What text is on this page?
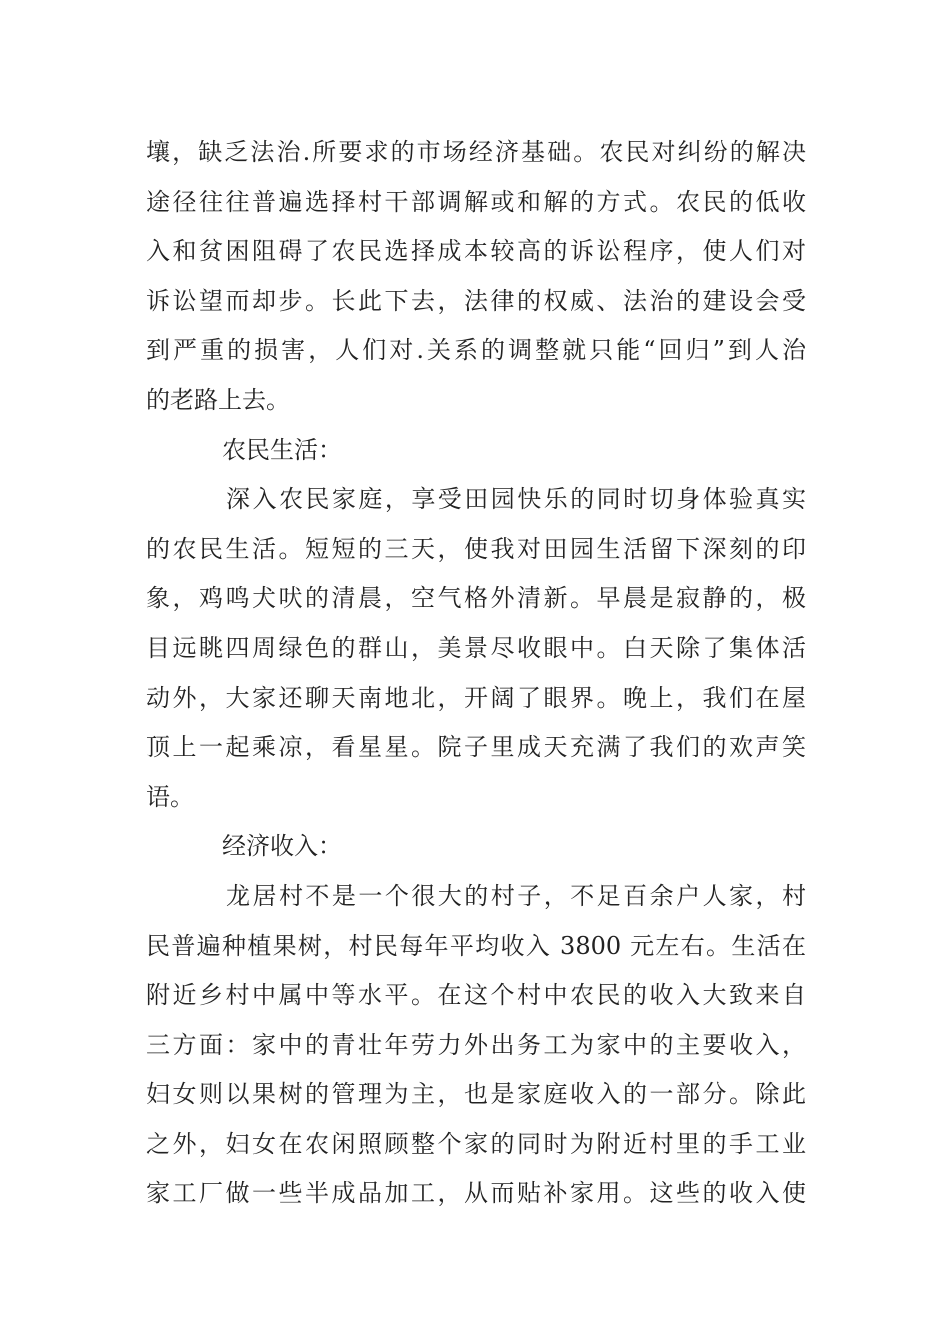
壤，缺乏法治.所要求的市场经济基础。农民对纠纷的解决
途径往往普遍选择村干部调解或和解的方式。农民的低收
入和贫困阻碍了农民选择成本较高的诉讼程序，使人们对
诉讼望而却步。长此下去，法律的权威、法治的建设会受
到严重的损害，人们对.关系的调整就只能“回归”到人治
的老路上去。
农民生活：
深入农民家庭，享受田园快乐的同时切身体验真实
的农民生活。短短的三天，使我对田园生活留下深刻的印
象，鸡鸣犬吠的清晨，空气格外清新。早晨是寂静的，极
目远眺四周绿色的群山，美景尽收眼中。白天除了集体活
动外，大家还聊天南地北，开阔了眼界。晚上，我们在屋
顶上一起乘凉，看星星。院子里成天充满了我们的欢声笑
语。
经济收入：
龙居村不是一个很大的村子，不足百余户人家，村
民普遍种植果树，村民每年平均收入 3800 元左右。生活在
附近乡村中属中等水平。在这个村中农民的收入大致来自
三方面：家中的青壮年劳力外出务工为家中的主要收入，
妇女则以果树的管理为主，也是家庭收入的一部分。除此
之外，妇女在农闲照顾整个家的同时为附近村里的手工业
家工厂做一些半成品加工，从而贴补家用。这些的收入使
